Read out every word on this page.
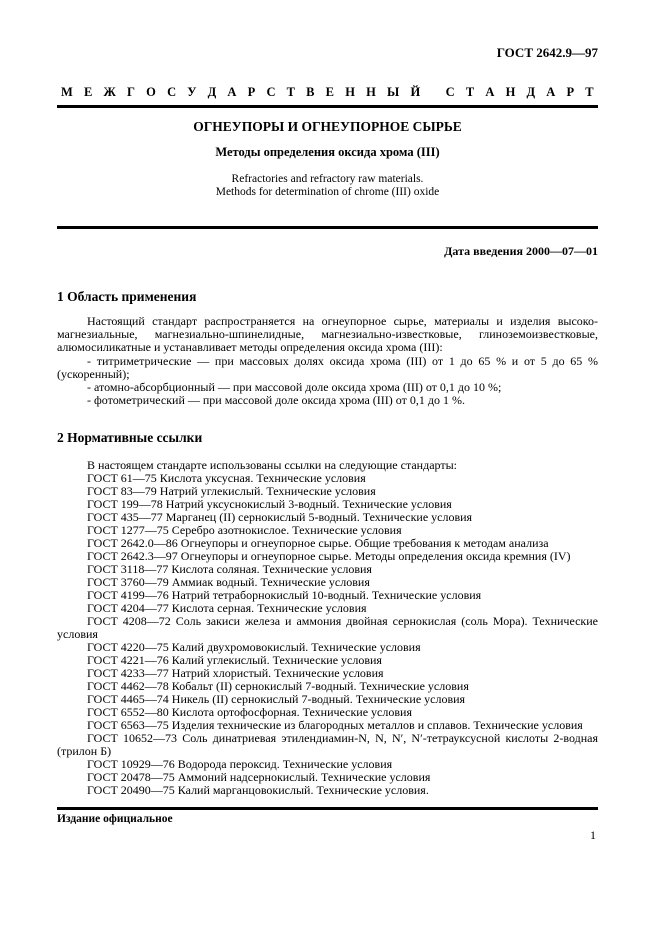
ГОСТ 2642.9—97
М Е Ж Г О С У Д А Р С Т В Е Н Н Ы Й
С Т А Н Д А Р Т
ОГНЕУПОРЫ И ОГНЕУПОРНОЕ СЫРЬЕ
Методы определения оксида хрома (III)
Refractories and refractory raw materials.
Methods for determination of chrome (III) oxide
Дата введения 2000—07—01
1 Область применения
Настоящий стандарт распространяется на огнеупорное сырье, материалы и изделия высокомагнезиальные, магнезиально-шпинелидные, магнезиально-известковые, глиноземоизвестковые, алюмосиликатные и устанавливает методы определения оксида хрома (III):
- титриметрические — при массовых долях оксида хрома (III) от 1 до 65 % и от 5 до 65 % (ускоренный);
- атомно-абсорбционный — при массовой доле оксида хрома (III) от 0,1 до 10 %;
- фотометрический — при массовой доле оксида хрома (III) от 0,1 до 1 %.
2 Нормативные ссылки
В настоящем стандарте использованы ссылки на следующие стандарты:
ГОСТ 61—75 Кислота уксусная. Технические условия
ГОСТ 83—79 Натрий углекислый. Технические условия
ГОСТ 199—78 Натрий уксуснокислый 3-водный. Технические условия
ГОСТ 435—77 Марганец (II) сернокислый 5-водный. Технические условия
ГОСТ 1277—75 Серебро азотнокислое. Технические условия
ГОСТ 2642.0—86 Огнеупоры и огнеупорное сырье. Общие требования к методам анализа
ГОСТ 2642.3—97 Огнеупоры и огнеупорное сырье. Методы определения оксида кремния (IV)
ГОСТ 3118—77 Кислота соляная. Технические условия
ГОСТ 3760—79 Аммиак водный. Технические условия
ГОСТ 4199—76 Натрий тетраборнокислый 10-водный. Технические условия
ГОСТ 4204—77 Кислота серная. Технические условия
ГОСТ 4208—72 Соль закиси железа и аммония двойная сернокислая (соль Мора). Технические условия
ГОСТ 4220—75 Калий двухромовокислый. Технические условия
ГОСТ 4221—76 Калий углекислый. Технические условия
ГОСТ 4233—77 Натрий хлористый. Технические условия
ГОСТ 4462—78 Кобальт (II) сернокислый 7-водный. Технические условия
ГОСТ 4465—74 Никель (II) сернокислый 7-водный. Технические условия
ГОСТ 6552—80 Кислота ортофосфорная. Технические условия
ГОСТ 6563—75 Изделия технические из благородных металлов и сплавов. Технические условия
ГОСТ 10652—73 Соль динатриевая этилендиамин-N, N, N′, N′-тетрауксусной кислоты 2-водная (трилон Б)
ГОСТ 10929—76 Водорода пероксид. Технические условия
ГОСТ 20478—75 Аммоний надсернокислый. Технические условия
ГОСТ 20490—75 Калий марганцовокислый. Технические условия.
Издание официальное
1
